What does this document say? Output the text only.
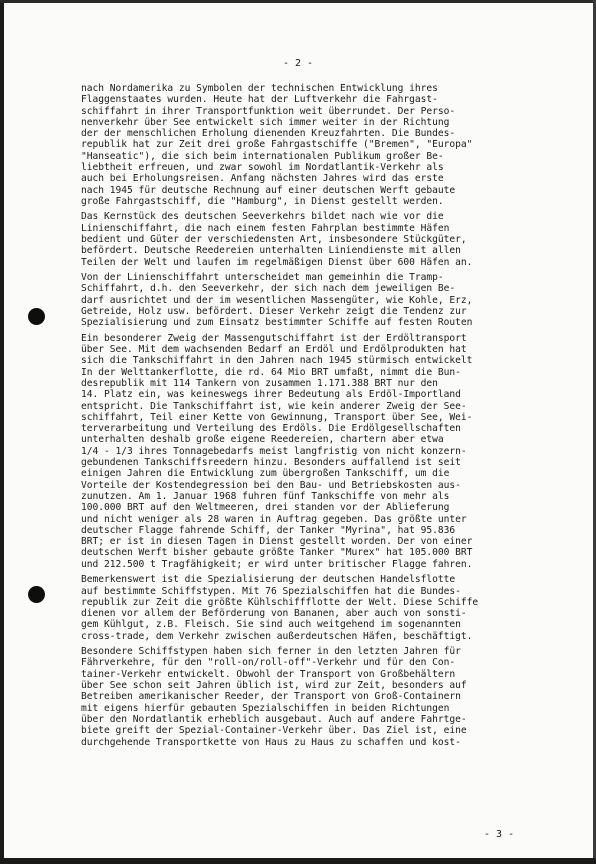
- 2 -
nach Nordamerika zu Symbolen der technischen Entwicklung ihres
Flaggenstaates wurden. Heute hat der Luftverkehr die Fahrgast-
schiffahrt in ihrer Transportfunktion weit überrundet. Der Perso-
nenverkehr über See entwickelt sich immer weiter in der Richtung
der der menschlichen Erholung dienenden Kreuzfahrten. Die Bundes-
republik hat zur Zeit drei große Fahrgastschiffe ("Bremen", "Europa"
"Hanseatic"), die sich beim internationalen Publikum großer Be-
liebtheit erfreuen, und zwar sowohl im Nordatlantik-Verkehr als
auch bei Erholungsreisen. Anfang nächsten Jahres wird das erste
nach 1945 für deutsche Rechnung auf einer deutschen Werft gebaute
große Fahrgastschiff, die "Hamburg", in Dienst gestellt werden.
Das Kernstück des deutschen Seeverkehrs bildet nach wie vor die
Linienschiffahrt, die nach einem festen Fahrplan bestimmte Häfen
bedient und Güter der verschiedensten Art, insbesondere Stückgüter,
befördert. Deutsche Reedereien unterhalten Liniendienste mit allen
Teilen der Welt und laufen im regelmäßigen Dienst über 600 Häfen an.
Von der Linienschiffahrt unterscheidet man gemeinhin die Tramp-
Schiffahrt, d.h. den Seeverkehr, der sich nach dem jeweiligen Be-
darf ausrichtet und der im wesentlichen Massengüter, wie Kohle, Erz,
Getreide, Holz usw. befördert. Dieser Verkehr zeigt die Tendenz zur
Spezialisierung und zum Einsatz bestimmter Schiffe auf festen Routen
Ein besonderer Zweig der Massengutschiffahrt ist der Erdöltransport
über See. Mit dem wachsenden Bedarf an Erdöl und Erdölprodukten hat
sich die Tankschiffahrt in den Jahren nach 1945 stürmisch entwickelt
In der Welttankerflotte, die rd. 64 Mio BRT umfaßt, nimmt die Bun-
desrepublik mit 114 Tankern von zusammen 1.171.388 BRT nur den
14. Platz ein, was keineswegs ihrer Bedeutung als Erdöl-Importland
entspricht. Die Tankschiffahrt ist, wie kein anderer Zweig der See-
schiffahrt, Teil einer Kette von Gewinnung, Transport über See, Wei-
terverarbeitung und Verteilung des Erdöls. Die Erdölgesellschaften
unterhalten deshalb große eigene Reedereien, chartern aber etwa
1/4 - 1/3 ihres Tonnagebedarfs meist langfristig von nicht konzern-
gebundenen Tankschiffsreedern hinzu. Besonders auffallend ist seit
einigen Jahren die Entwicklung zum übergroßen Tankschiff, um die
Vorteile der Kostendegression bei den Bau- und Betriebskosten aus-
zunutzen. Am 1. Januar 1968 fuhren fünf Tankschiffe von mehr als
100.000 BRT auf den Weltmeeren, drei standen vor der Ablieferung
und nicht weniger als 28 waren in Auftrag gegeben. Das größte unter
deutscher Flagge fahrende Schiff, der Tanker "Myrina", hat 95.836
BRT; er ist in diesen Tagen in Dienst gestellt worden. Der von einer
deutschen Werft bisher gebaute größte Tanker "Murex" hat 105.000 BRT
und 212.500 t Tragfähigkeit; er wird unter britischer Flagge fahren.
Bemerkenswert ist die Spezialisierung der deutschen Handelsflotte
auf bestimmte Schiffstypen. Mit 76 Spezialschiffen hat die Bundes-
republik zur Zeit die größte Kühlschiffflotte der Welt. Diese Schiffe
dienen vor allem der Beförderung von Bananen, aber auch von sonsti-
gem Kühlgut, z.B. Fleisch. Sie sind auch weitgehend im sogenannten
cross-trade, dem Verkehr zwischen außerdeutschen Häfen, beschäftigt.
Besondere Schiffstypen haben sich ferner in den letzten Jahren für
Fährverkehre, für den "roll-on/roll-off"-Verkehr und für den Con-
tainer-Verkehr entwickelt. Obwohl der Transport von Großbehältern
über See schon seit Jahren üblich ist, wird zur Zeit, besonders auf
Betreiben amerikanischer Reeder, der Transport von Groß-Containern
mit eigens hierfür gebauten Spezialschiffen in beiden Richtungen
über den Nordatlantik erheblich ausgebaut. Auch auf andere Fahrtge-
biete greift der Spezial-Container-Verkehr über. Das Ziel ist, eine
durchgehende Transportkette von Haus zu Haus zu schaffen und kost-
- 3 -
